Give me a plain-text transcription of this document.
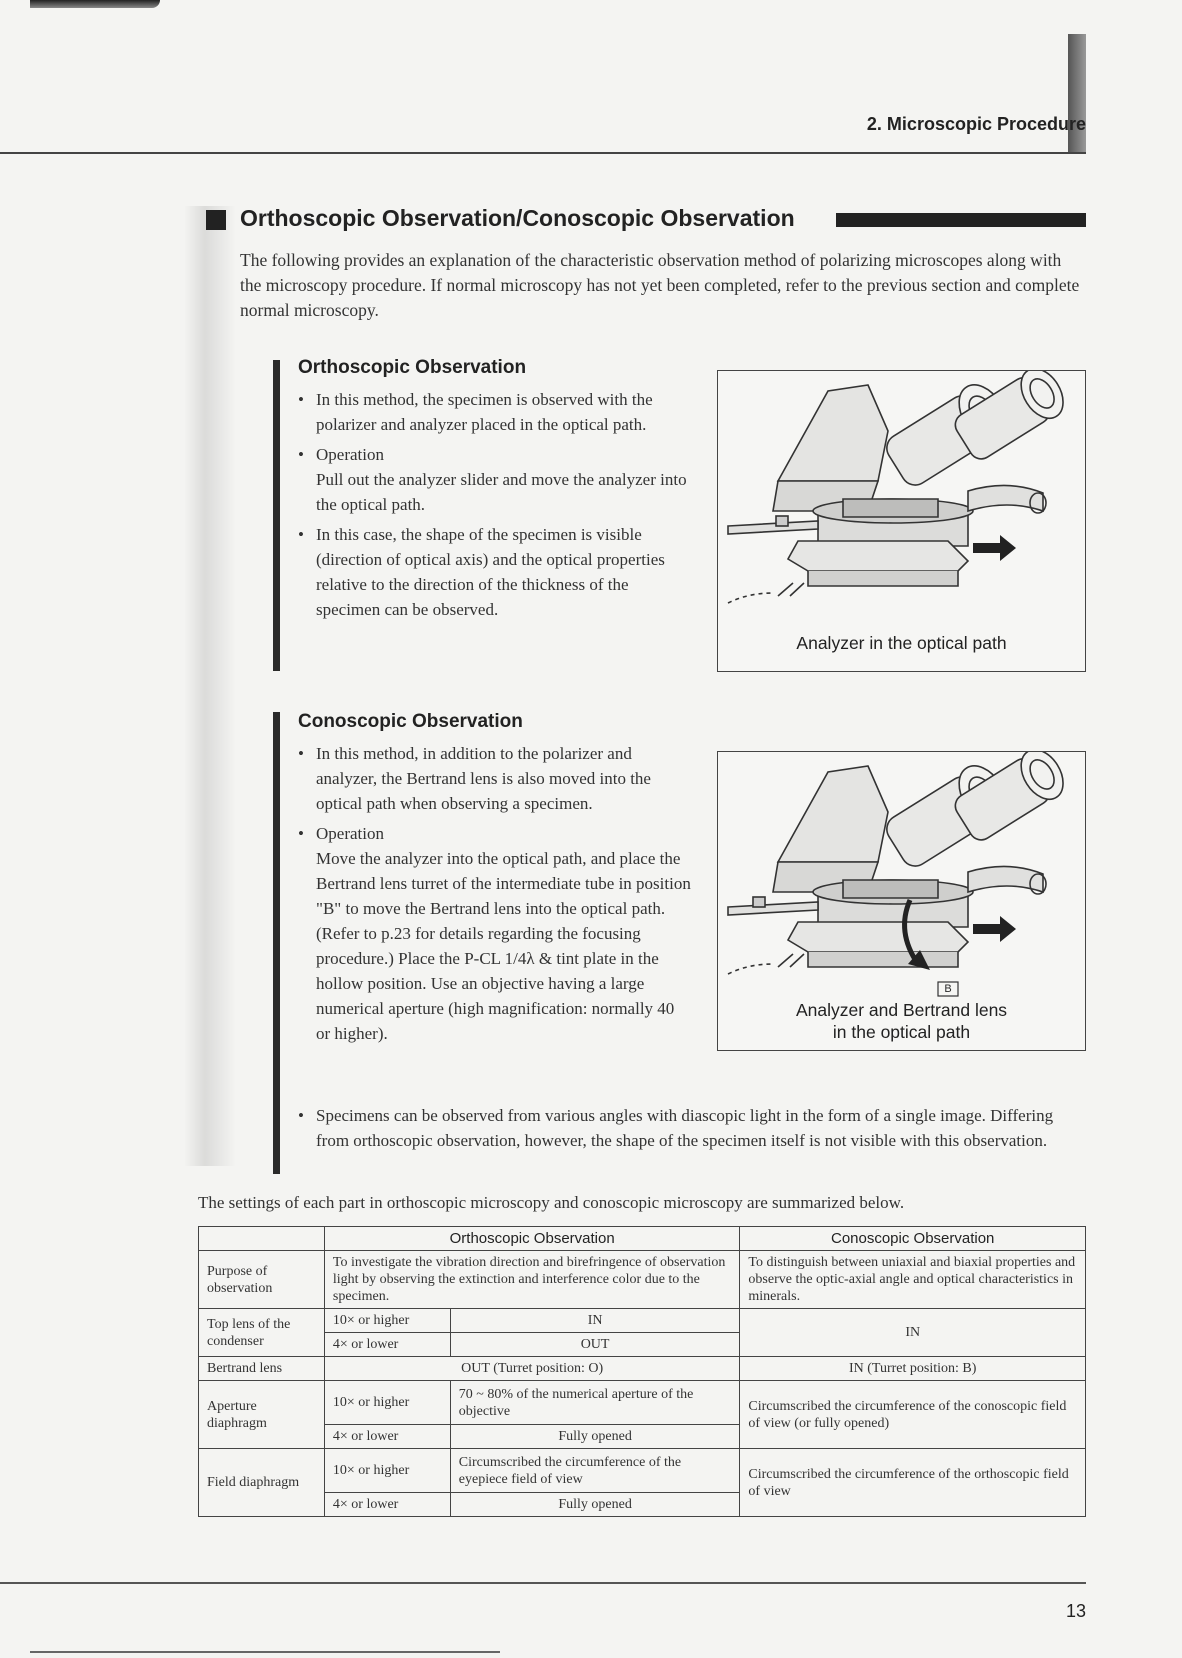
2. Microscopic Procedure
Orthoscopic Observation/Conoscopic Observation

The following provides an explanation of the characteristic observation method of polarizing microscopes along with the microscopy procedure. If normal microscopy has not yet been completed, refer to the previous section and complete normal microscopy.

Orthoscopic Observation
• In this method, the specimen is observed with the polarizer and analyzer placed in the optical path.
• Operation
Pull out the analyzer slider and move the analyzer into the optical path.
• In this case, the shape of the specimen is visible (direction of optical axis) and the optical properties relative to the direction of the thickness of the specimen can be observed.
Analyzer in the optical path
Conoscopic Observation
• In this method, in addition to the polarizer and analyzer, the Bertrand lens is also moved into the optical path when observing a specimen.
• Operation
Move the analyzer into the optical path, and place the Bertrand lens turret of the intermediate tube in position "B" to move the Bertrand lens into the optical path. (Refer to p.23 for details regarding the focusing procedure.) Place the P-CL 1/4λ & tint plate in the hollow position. Use an objective having a large numerical aperture (high magnification: normally 40 or higher).
• Specimens can be observed from various angles with diascopic light in the form of a single image. Differing from orthoscopic observation, however, the shape of the specimen itself is not visible with this observation.
B
Analyzer and Bertrand lens
in the optical path
The settings of each part in orthoscopic microscopy and conoscopic microscopy are summarized below.
	Orthoscopic Observation		Conoscopic Observation
Purpose of observation	To investigate the vibration direction and birefringence of observation light by observing the extinction and interference color due to the specimen.		To distinguish between uniaxial and biaxial properties and observe the optic-axial angle and optical characteristics in minerals.
Top lens of the condenser	10× or higher	IN	IN
	4× or lower	OUT	
Bertrand lens	OUT (Turret position: O)		IN (Turret position: B)
Aperture diaphragm	10× or higher	70 ~ 80% of the numerical aperture of the objective	Circumscribed the circumference of the conoscopic field of view (or fully opened)
	4× or lower	Fully opened	
Field diaphragm	10× or higher	Circumscribed the circumference of the eyepiece field of view	Circumscribed the circumference of the orthoscopic field of view
	4× or lower	Fully opened	
13
